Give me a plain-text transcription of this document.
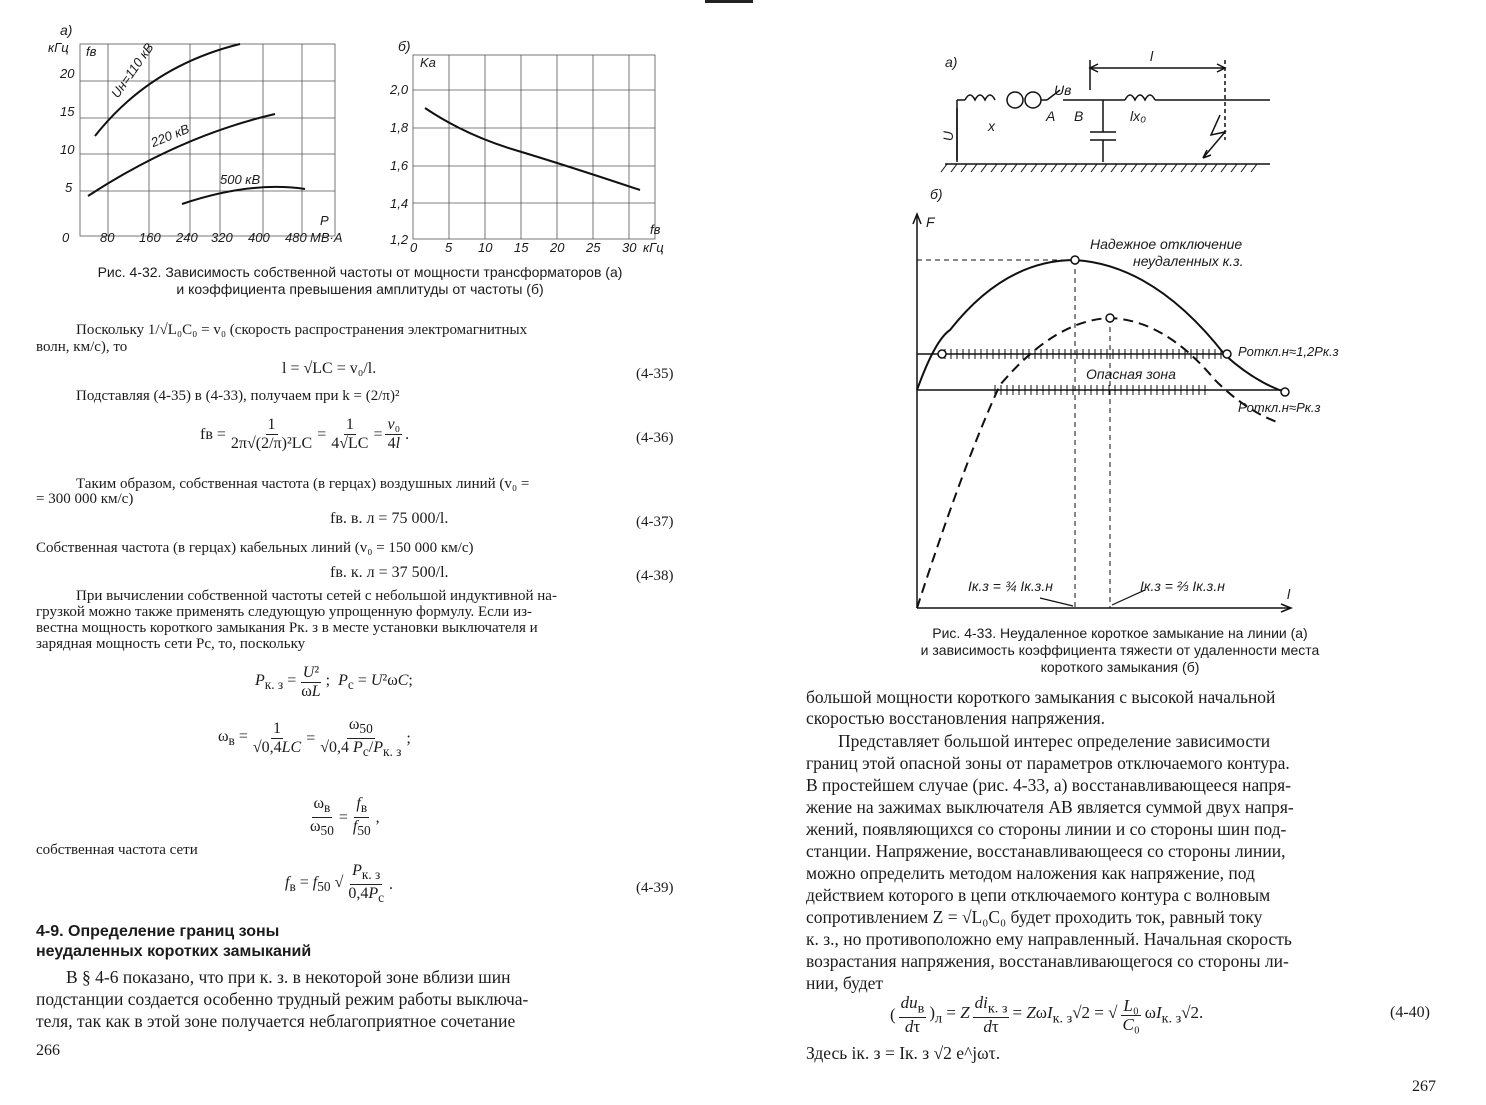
а)
кГц fв
20
15
10
5
0 80 160 240 320 400 480 МВ·А
P
Uн=110 кВ
220 кВ
500 кВ
б)
Ka
2,0
1,8
1,6
1,4
1,2
0 5 10 15 20 25 30 кГц
fв
Рис. 4-32. Зависимость собственной частоты от мощности трансформаторов (а)
и коэффициента превышения амплитуды от частоты (б)
Поскольку 1/√L₀C₀ = v₀ (скорость распространения электромагнитных
волн, км/с), то
l = √LC = v₀/l.	(4-35)
Подставляя (4-35) в (4-33), получаем при k = (2/π)²
fв = $\frac{1}{\text{2π√(2/π)²LC}} = \frac{1}{4√LC} = \frac{\text{v₀}}{4l}$ .	(4-36)
Таким образом, собственная частота (в герцах) воздушных линий (v₀ =
= 300 000 км/с)
fв. в. л = 75 000/l.	(4-37)
Собственная частота (в герцах) кабельных линий (v₀ = 150 000 км/с)
fв. к. л = 37 500/l.	(4-38)
При вычислении собственной частоты сетей с небольшой индуктивной на-
грузкой можно также применять следующую упрощенную формулу. Если из-
вестна мощность короткого замыкания Pк. з в месте установки выключателя и
зарядная мощность сети Pс, то, поскольку
$P_{к. з} = \frac{\text{U²}}{\omega L}$ ;  $P_с = U^2\omega C$;
$\omega_в = \frac{1}{√0,4LC} = \frac{\omega_{50}}{√0,4 P_с/P_{к. з}}$ ;
$\frac{\omega_в}{\omega_{50}} = \frac{f_в}{f_{50}}$ ,
собственная частота сети
$f_в = f_{50}$ √ $\frac{P_{к. з}}{0,4P_с}$ .	(4-39)
4-9. Определение границ зоны
неудаленных коротких замыканий
В § 4-6 показано, что при к. з. в некоторой зоне вблизи шин
подстанции создается особенно трудный режим работы выключа-
теля, так как в этой зоне получается неблагоприятное сочетание
266
а)	l
U
Uв
x
A B	lx₀
б)
F
Надежное отключение
неудаленных к.з.
Pоткл.н≈1,2Pк.з
Опасная зона
Pоткл.н≈Pк.з
Iк.з = ¾ Iк.з.н	Iк.з = ⅔ Iк.з.н	l
Рис. 4-33. Неудаленное короткое замыкание на линии (а)
и зависимость коэффициента тяжести от удаленности места
короткого замыкания (б)
большой мощности короткого замыкания с высокой начальной
скоростью восстановления напряжения.
Представляет большой интерес определение зависимости
границ этой опасной зоны от параметров отключаемого контура.
В простейшем случае (рис. 4-33, а) восстанавливающееся напря-
жение на зажимах выключателя AB является суммой двух напря-
жений, появляющихся со стороны линии и со стороны шин под-
станции. Напряжение, восстанавливающееся со стороны линии,
можно определить методом наложения как напряжение, под
действием которого в цепи отключаемого контура с волновым
сопротивлением Z = √L₀C₀ будет проходить ток, равный току
к. з., но противоположно ему направленный. Начальная скорость
возрастания напряжения, восстанавливающегося со стороны ли-
нии, будет
( $\frac{du_в}{d\tau} )_л = Z \frac{di_{к. з}}{d\tau} = Z\omega I_{к. з}√2$ = √ $\frac{\text{L₀}}{\text{C₀}} \omega I_{к. з}√2$.	(4-40)
Здесь iк. з = Iк. з √2 e^jωτ.
267
